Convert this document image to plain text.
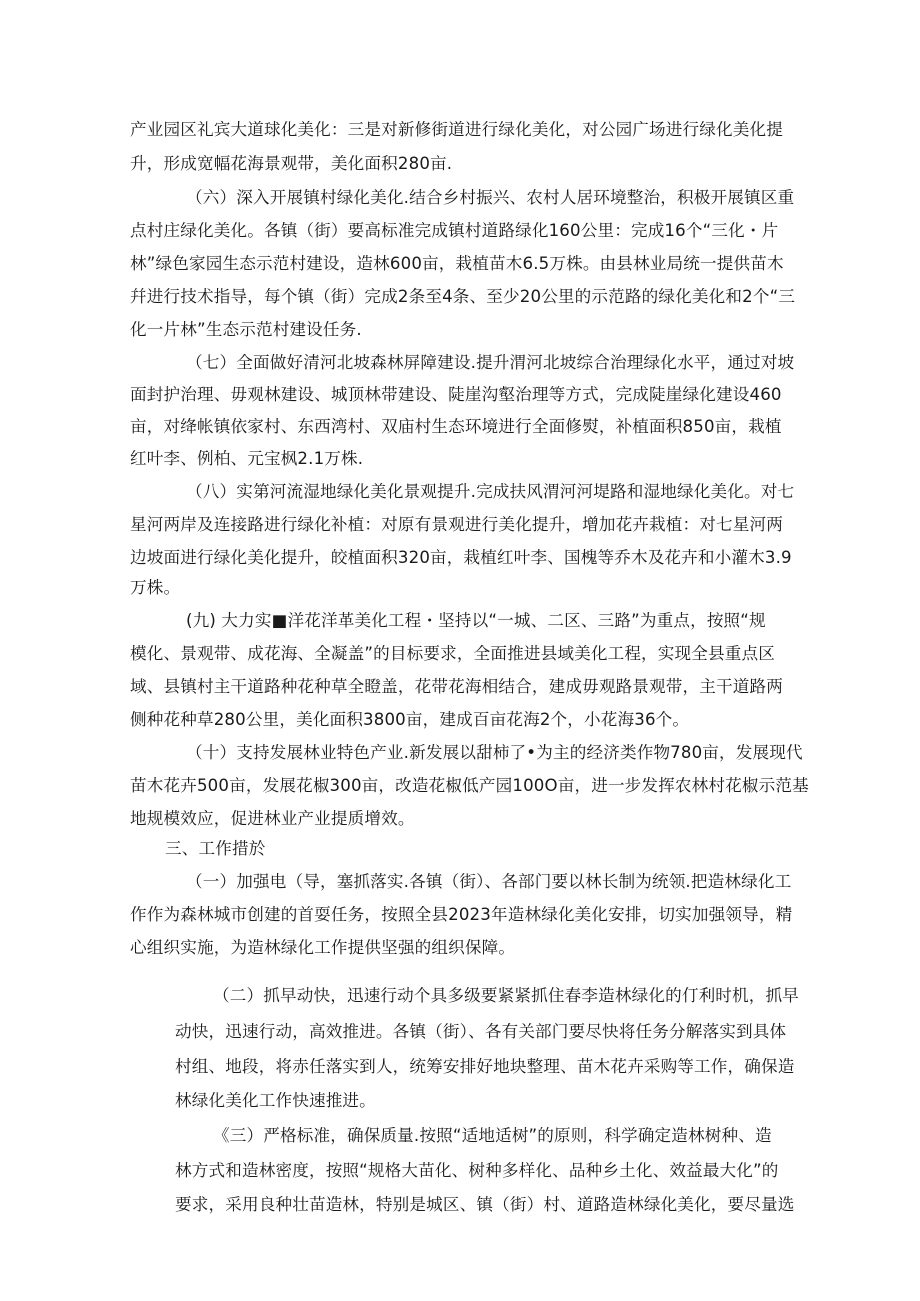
产业园区礼宾大道球化美化：三是对新修街道进行绿化美化，对公园广场进行绿化美化提
升，形成宽幅花海景观带，美化面积280亩.
（六）深入开展镇村绿化美化.结合乡村振兴、农村人居环境整治，积极开展镇区重
点村庄绿化美化。各镇（街）要高标准完成镇村道路绿化160公里：完成16个“三化・片
林”绿色家园生态示范村建设，造林600亩，栽植苗木6.5万株。由县林业局统一提供苗木
幷进行技术指导，每个镇（街）完成2条至4条、至少20公里的示范路的绿化美化和2个“三
化一片林”生态示范村建设任务.
（七）全面做好清河北坡森林屏障建设.提升渭河北坡综合治理绿化水平，通过对坡
面封护治理、毋观林建设、城顶林带建设、陡崖沟壑治理等方式，完成陡崖绿化建设460
亩，对绛帐镇依家村、东西湾村、双庙村生态环境进行全面修熨，补植面积850亩，栽植
红叶李、例柏、元宝枫2.1万株.
（八）实第河流湿地绿化美化景观提升.完成扶风渭河河堤路和湿地绿化美化。对七
星河两岸及连接路进行绿化补植：对原有景观进行美化提升，增加花卉栽植：对七星河两
边坡面进行绿化美化提升，皎植面积320亩，栽植红叶李、国槐等乔木及花卉和小灌木3.9
万株。
(九) 大力实■洋花洋革美化工程・坚持以“一城、二区、三路”为重点，按照“规
模化、景观带、成花海、全凝盖”的目标要求，全面推进县域美化工程，实现全县重点区
域、县镇村主干道路种花种草全瞪盖，花带花海相结合，建成毋观路景观带，主干道路两
侧种花种草280公里，美化面积3800亩，建成百亩花海2个，小花海36个。
（十）支持发展林业特色产业.新发展以甜柿了•为主的经济类作物780亩，发展现代
苗木花卉500亩，发展花椒300亩，改造花椒低产园100O亩，进一步发挥农林村花椒示范基
地规模效应，促进林业产业提质增效。
三、工作措於
（一）加强电（导，塞抓落实.各镇（街）、各部门要以林长制为统领.把造林绿化工
作作为森林城市创建的首耍任务，按照全县2023年造林绿化美化安排，切实加强领导，精
心组织实施，为造林绿化工作提供坚强的组织保障。
（二）抓早动快，迅速行动个具多级要紧紧抓住春李造林绿化的仃利时机，抓早
动快，迅速行动，高效推进。各镇（街）、各有关部门要尽快将任务分解落实到具体
村组、地段，将赤任落实到人，统筹安排好地块整理、苗木花卉采购等工作，确保造
林绿化美化工作快速推进。
《三）严格标准，确保质量.按照“适地适树”的原则，科学确定造林树种、造
林方式和造林密度，按照“规格大苗化、树种多样化、品种乡土化、效益最大化”的
要求，采用良种壮苗造林，特别是城区、镇（街）村、道路造林绿化美化，要尽量选
